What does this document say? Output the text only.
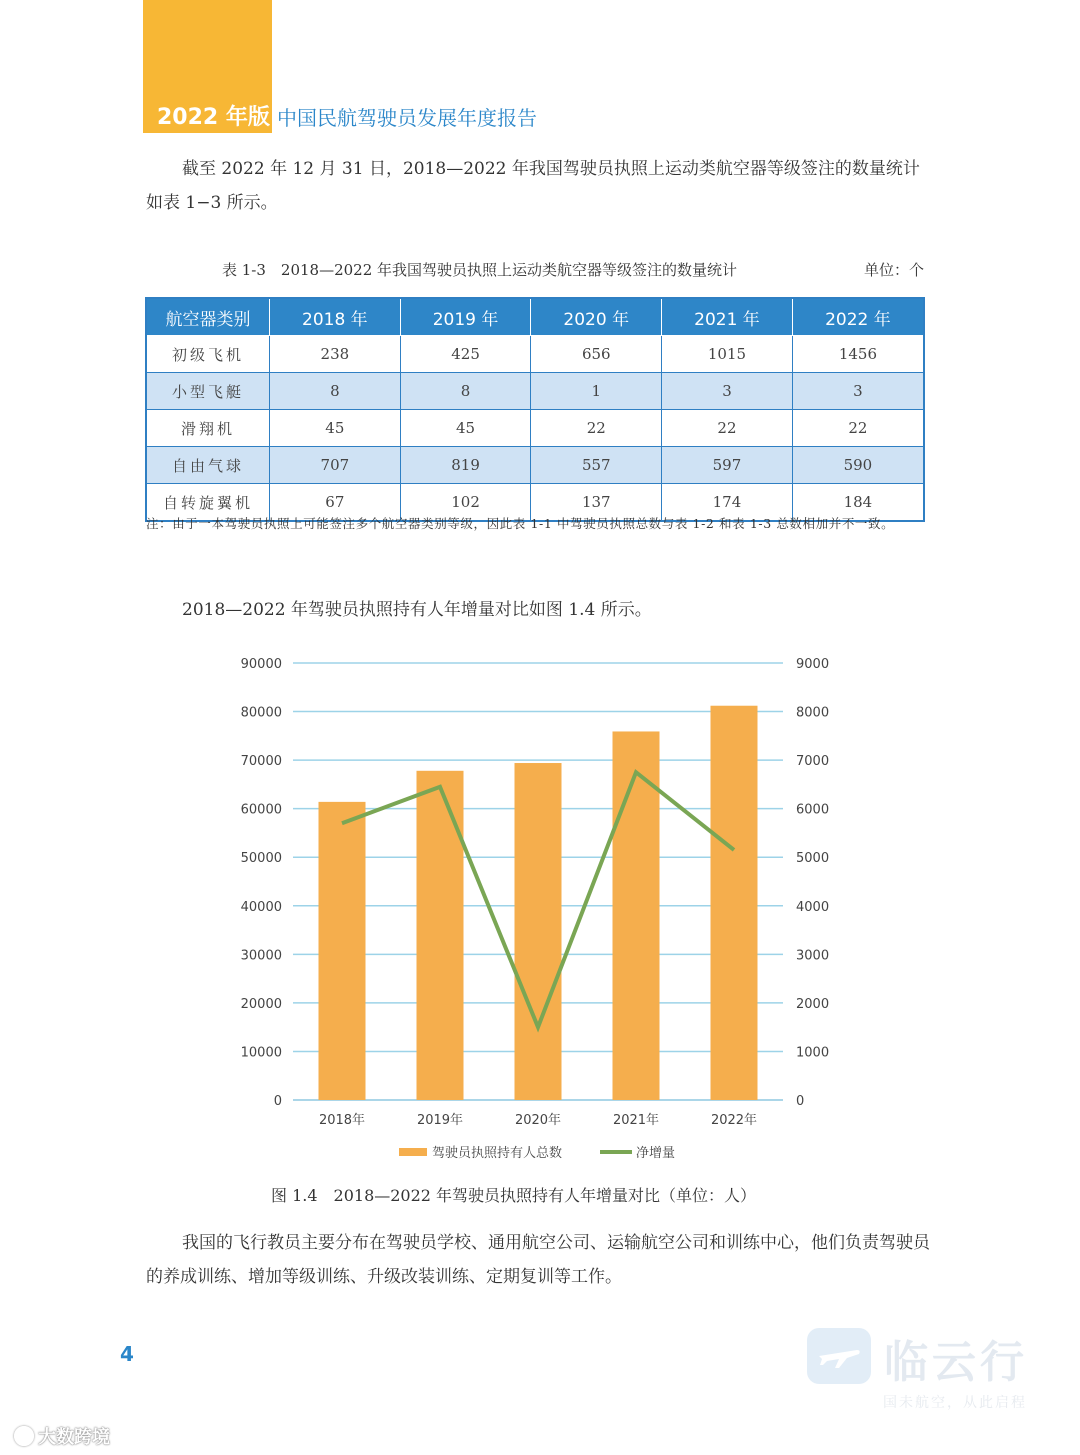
2022 年版 中国民航驾驶员发展年度报告

截至 2022 年 12 月 31 日，2018—2022 年我国驾驶员执照上运动类航空器等级签注的数量统计如表 1−3 所示。

表 1-3　2018—2022 年我国驾驶员执照上运动类航空器等级签注的数量统计	单位：个
航空器类别	2018 年	2019 年	2020 年	2021 年	2022 年
初级飞机	238	425	656	1015	1456
小型飞艇	8	8	1	3	3
滑翔机	45	45	22	22	22
自由气球	707	819	557	597	590
自转旋翼机	67	102	137	174	184

注：由于一本驾驶员执照上可能签注多个航空器类别等级，因此表 1-1 中驾驶员执照总数与表 1-2 和表 1-3 总数相加并不一致。

2018—2022 年驾驶员执照持有人年增量对比如图 1.4 所示。

0	0
10000	1000
20000	2000
30000	3000
40000	4000
50000	5000
60000	6000
70000	7000
80000	8000
90000	9000
2018年	2019年	2020年	2021年	2022年
驾驶员执照持有人总数	净增量
图 1.4　2018—2022 年驾驶员执照持有人年增量对比（单位：人）

我国的飞行教员主要分布在驾驶员学校、通用航空公司、运输航空公司和训练中心，他们负责驾驶员的养成训练、增加等级训练、升级改装训练、定期复训等工作。

4	临云行
国未航空，从此启程
大数跨境
